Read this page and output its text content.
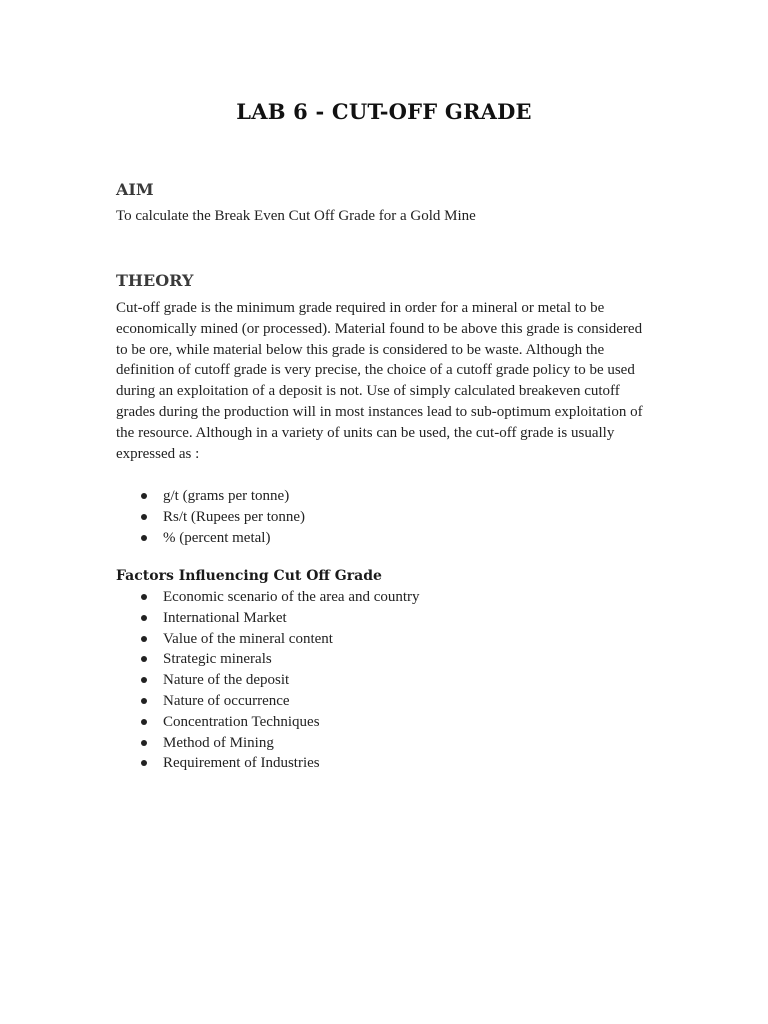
LAB 6 - CUT-OFF GRADE
AIM

To calculate the Break Even Cut Off Grade for a Gold Mine

THEORY

Cut-off grade is the minimum grade required in order for a mineral or metal to be
economically mined (or processed). Material found to be above this grade is considered
to be ore, while material below this grade is considered to be waste. Although the
definition of cutoff grade is very precise, the choice of a cutoff grade policy to be used
during an exploitation of a deposit is not. Use of simply calculated breakeven cutoff
grades during the production will in most instances lead to sub-optimum exploitation of
the resource. Although in a variety of units can be used, the cut-off grade is usually
expressed as :

g/t (grams per tonne)
Rs/t (Rupees per tonne)
% (percent metal)
Factors Influencing Cut Off Grade
Economic scenario of the area and country
International Market
Value of the mineral content
Strategic minerals
Nature of the deposit
Nature of occurrence
Concentration Techniques
Method of Mining
Requirement of Industries
